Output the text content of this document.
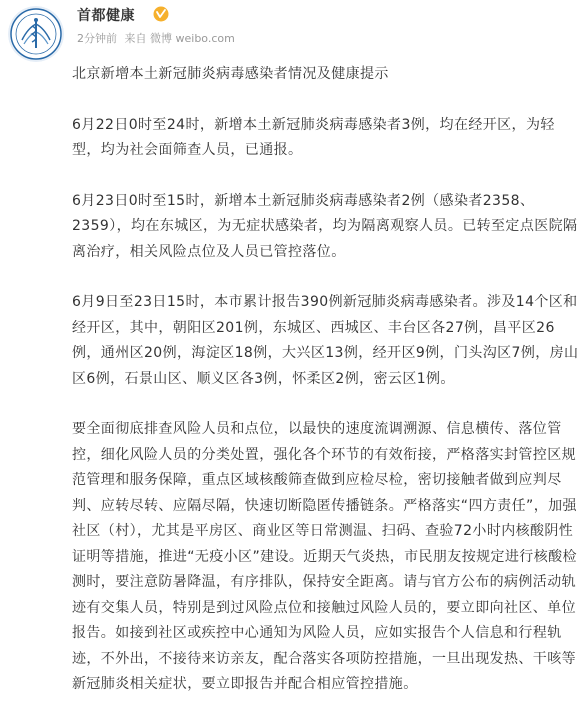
首都健康
2分钟前 来自 微博 weibo.com

北京新增本土新冠肺炎病毒感染者情况及健康提示

6月22日0时至24时，新增本土新冠肺炎病毒感染者3例，均在经开区，为轻型，均为社会面筛查人员，已通报。

6月23日0时至15时，新增本土新冠肺炎病毒感染者2例（感染者2358、2359），均在东城区，为无症状感染者，均为隔离观察人员。已转至定点医院隔离治疗，相关风险点位及人员已管控落位。

6月9日至23日15时，本市累计报告390例新冠肺炎病毒感染者。涉及14个区和经开区，其中，朝阳区201例，东城区、西城区、丰台区各27例，昌平区26例，通州区20例，海淀区18例，大兴区13例，经开区9例，门头沟区7例，房山区6例，石景山区、顺义区各3例，怀柔区2例，密云区1例。

要全面彻底排查风险人员和点位，以最快的速度流调溯源、信息横传、落位管控，细化风险人员的分类处置，强化各个环节的有效衔接，严格落实封管控区规范管理和服务保障，重点区域核酸筛查做到应检尽检，密切接触者做到应判尽判、应转尽转、应隔尽隔，快速切断隐匿传播链条。严格落实“四方责任”，加强社区（村），尤其是平房区、商业区等日常测温、扫码、查验72小时内核酸阴性证明等措施，推进“无疫小区”建设。近期天气炎热，市民朋友按规定进行核酸检测时，要注意防暑降温，有序排队，保持安全距离。请与官方公布的病例活动轨迹有交集人员，特别是到过风险点位和接触过风险人员的，要立即向社区、单位报告。如接到社区或疾控中心通知为风险人员，应如实报告个人信息和行程轨迹，不外出，不接待来访亲友，配合落实各项防控措施，一旦出现发热、干咳等新冠肺炎相关症状，要立即报告并配合相应管控措施。
